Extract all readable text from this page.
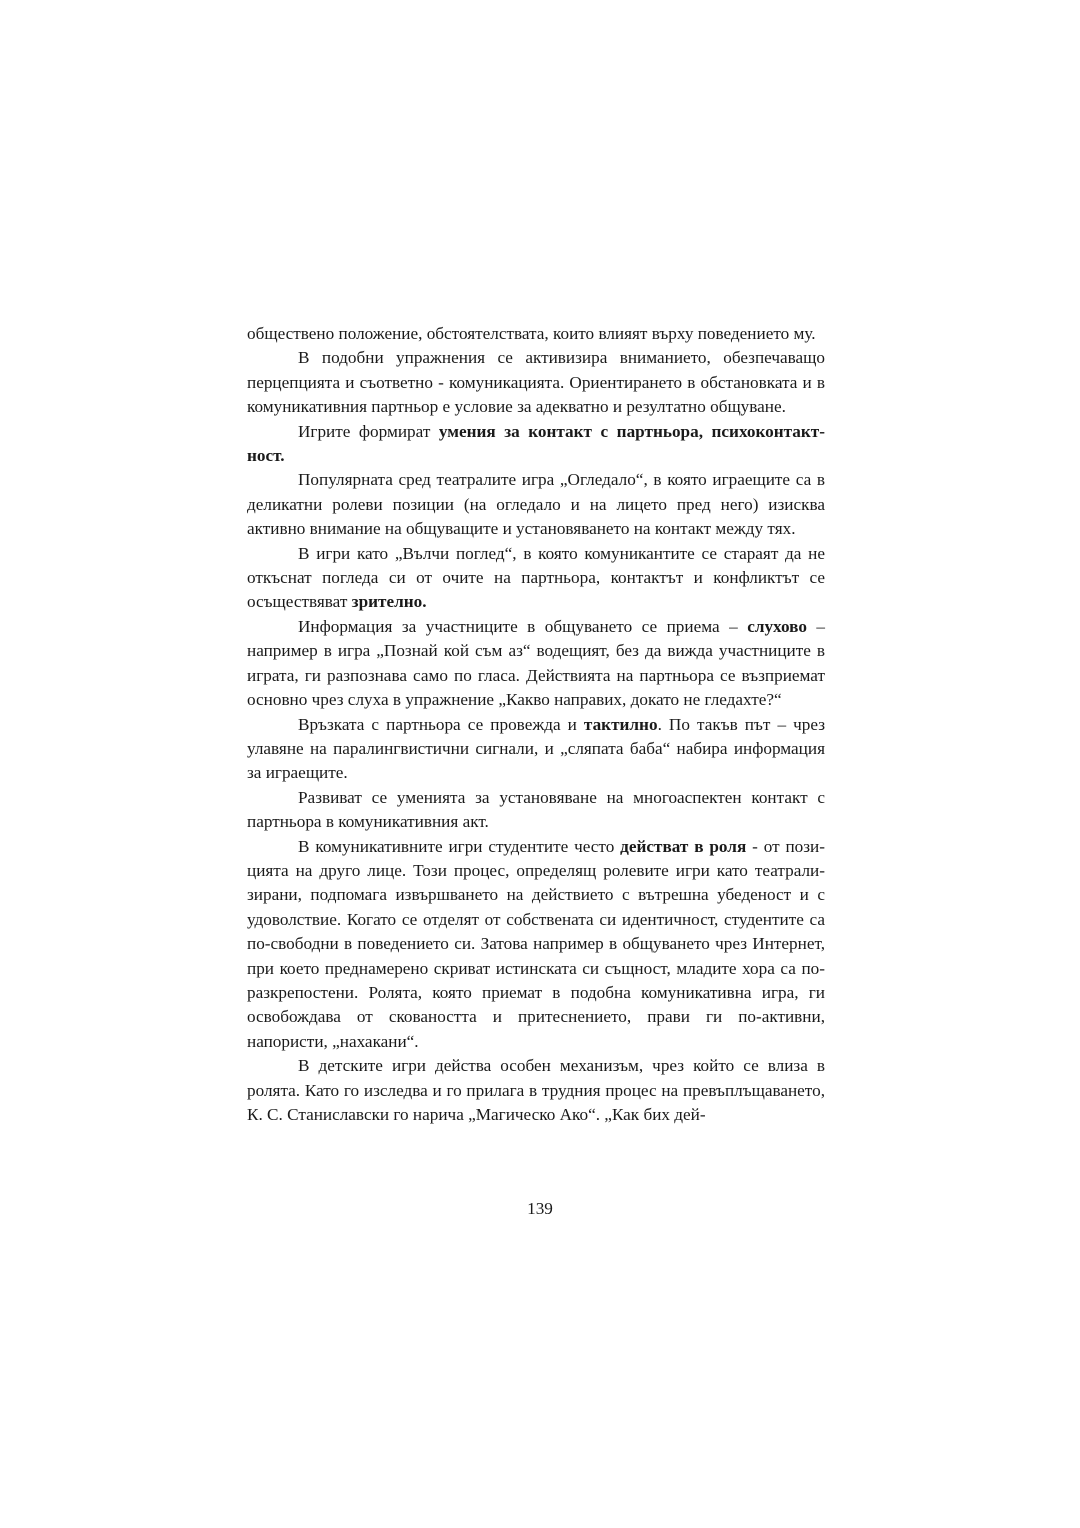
обществено положение, обстоятелствата, които влияят върху поведението му.

В подобни упражнения се активизира вниманието, обезпечаващо перцепцията и съответно - комуникацията. Ориентирането в обстановката и в комуникативния партньор е условие за адекватно и резултатно общуване.

Игрите формират умения за контакт с партньора, психоконтактност.

Популярната сред театралите игра „Огледало“, в която играещите са в деликатни ролеви позиции (на огледало и на лицето пред него) изисква активно внимание на общуващите и установяването на контакт между тях.

В игри като „Вълчи поглед“, в която комуникантите се стараят да не откъснат погледа си от очите на партньора, контактът и конфликтът се осъществяват зрително.

Информация за участниците в общуването се приема – слухово – например в игра „Познай кой съм аз“ водещият, без да вижда участниците в играта, ги разпознава само по гласа. Действията на партньора се възприемат основно чрез слуха в упражнение „Какво направих, докато не гледахте?“

Връзката с партньора се провежда и тактилно. По такъв път – чрез улавяне на паралингвистични сигнали, и „сляпата баба“ набира информация за играещите.

Развиват се уменията за установяване на многоаспектен контакт с партньора в комуникативния акт.

В комуникативните игри студентите често действат в роля - от позицията на друго лице. Този процес, определящ ролевите игри като театрализирани, подпомага извършването на действието с вътрешна убеденост и с удоволствие. Когато се отделят от собствената си идентичност, студентите са по-свободни в поведението си. Затова например в общуването чрез Интернет, при което преднамерено скриват истинската си същност, младите хора са по-разкрепостени. Ролята, която приемат в подобна комуникативна игра, ги освобождава от сковаността и притеснението, прави ги по-активни, напористи, „нахакани“.

В детските игри действа особен механизъм, чрез който се влиза в ролята. Като го изследва и го прилага в трудния процес на превъплъщаването, К. С. Станиславски го нарича „Магическо Ако“. „Как бих дей-

139
